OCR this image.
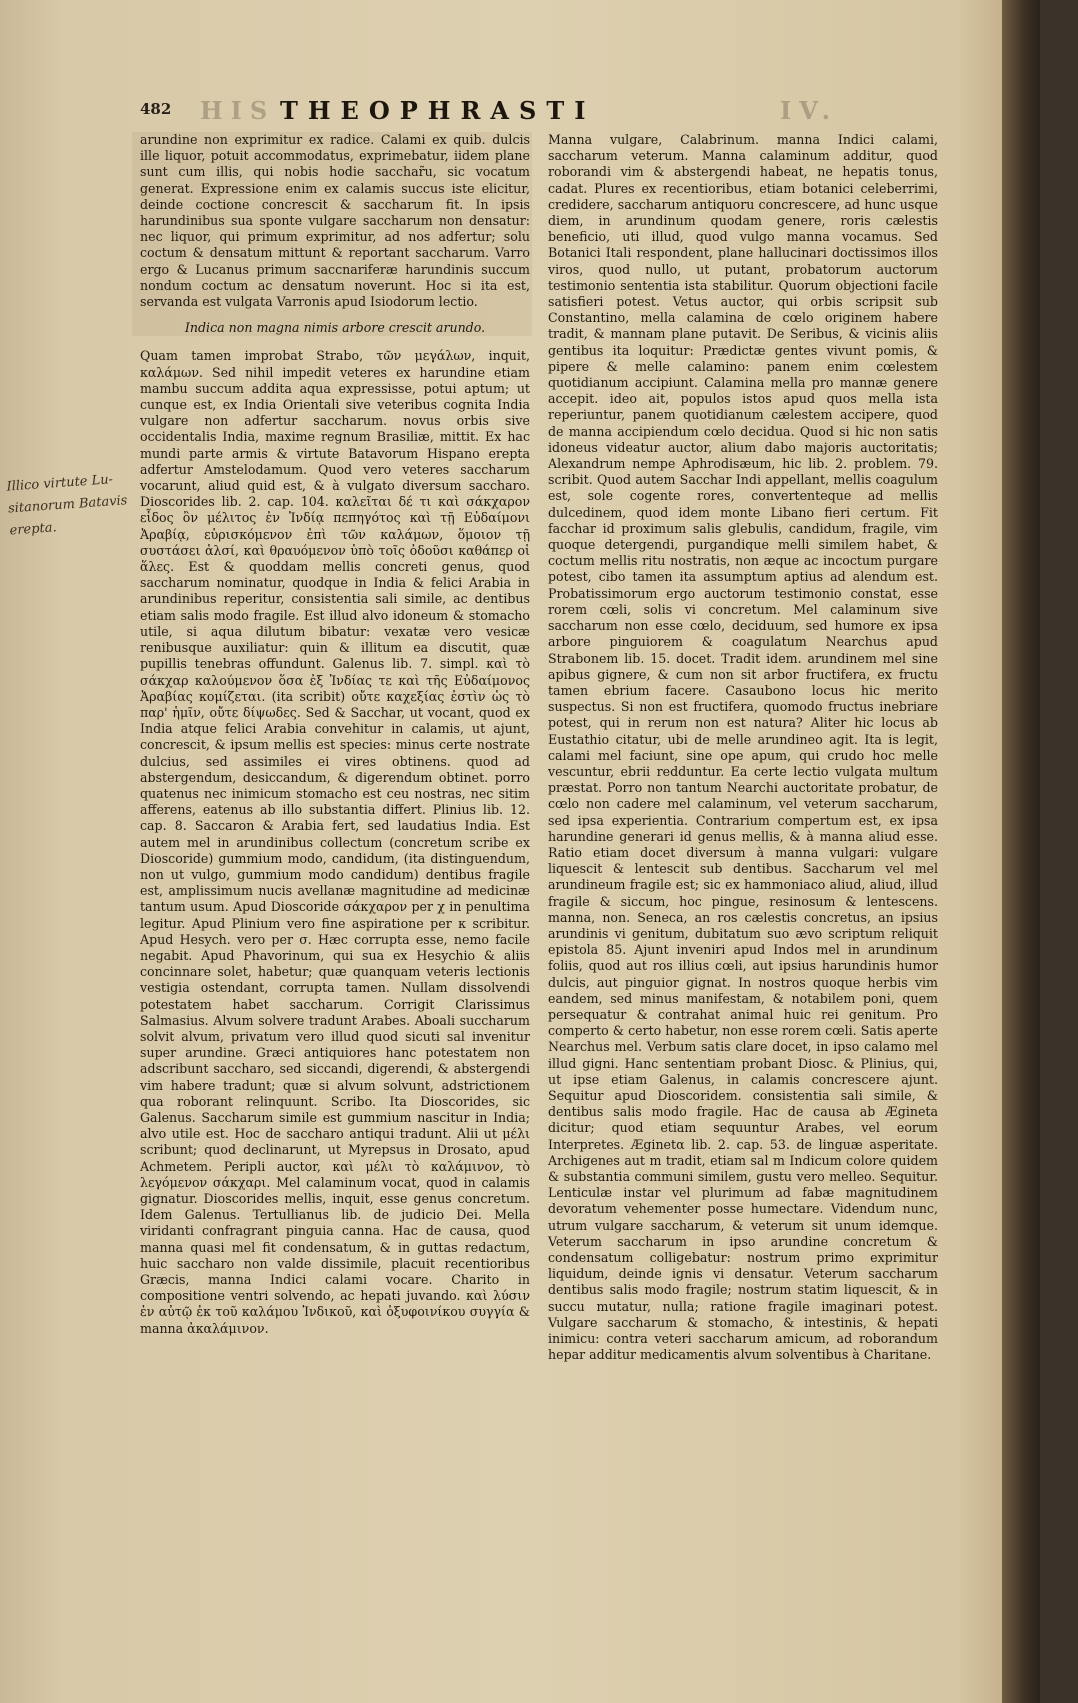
482 HIS THEOPHRASTI	IV.
Illico virtute Lu-
sitanorum Batavis
erepta.

arundine non exprimitur ex radice. Calami ex quib. dulcis ille liquor, potuit accommodatus, exprimebatur, iidem plane sunt cum illis, qui nobis hodie sacchar̃u, sic vocatum generat. Expressione enim ex calamis succus iste elicitur, deinde coctione concrescit & saccharum fit. In ipsis harundinibus sua sponte vulgare saccharum non densatur: nec liquor, qui primum exprimitur, ad nos adfertur; solu coctum & densatum mittunt & reportant saccharum. Varro ergo & Lucanus primum saccnariferæ harundinis succum nondum coctum ac densatum noverunt. Hoc si ita est, servanda est vulgata Varronis apud Isiodorum lectio.

Indica non magna nimis arbore crescit arundo.

Quam tamen improbat Strabo, τῶν μεγάλων, inquit, καλάμων. Sed nihil impedit veteres ex harundine etiam mambu succum addita aqua expressisse, potui aptum; ut cunque est, ex India Orientali sive veteribus cognita India vulgare non adfertur saccharum. novus orbis sive occidentalis India, maxime regnum Brasiliæ, mittit. Ex hac mundi parte armis & virtute Batavorum Hispano erepta adfertur Amstelodamum. Quod vero veteres saccharum vocarunt, aliud quid est, & à vulgato diversum saccharo. Dioscorides lib. 2. cap. 104. καλεῖται δέ τι καὶ σάκχαρον εἶδος ὂν μέλιτος ἐν Ἰνδίᾳ πεπηγότος καὶ τῇ Εὐδαίμονι Ἀραβίᾳ, εὑρισκόμενον ἐπὶ τῶν καλάμων, ὅμοιον τῇ συστάσει ἁλσί, καὶ θραυόμενον ὑπὸ τοῖς ὀδοῦσι καθάπερ οἱ ἅλες. Est & quoddam mellis concreti genus, quod saccharum nominatur, quodque in India & felici Arabia in arundinibus reperitur, consistentia sali simile, ac dentibus etiam salis modo fragile. Est illud alvo idoneum & stomacho utile, si aqua dilutum bibatur: vexatæ vero vesicæ renibusque auxiliatur: quin & illitum ea discutit, quæ pupillis tenebras offundunt. Galenus lib. 7. simpl. καὶ τὸ σάκχαρ καλούμενον ὅσα ἐξ Ἰνδίας τε καὶ τῆς Εὐδαίμονος Ἀραβίας κομίζεται. (ita scribit) οὔτε καχεξίας ἐστὶν ὡς τὸ παρ' ἡμῖν, οὔτε δίψωδες. Sed & Sacchar, ut vocant, quod ex India atque felici Arabia convehitur in calamis, ut ajunt, concrescit, & ipsum mellis est species: minus certe nostrate dulcius, sed assimiles ei vires obtinens. quod ad abstergendum, desiccandum, & digerendum obtinet. porro quatenus nec inimicum stomacho est ceu nostras, nec sitim afferens, eatenus ab illo substantia differt. Plinius lib. 12. cap. 8. Saccaron & Arabia fert, sed laudatius India. Est autem mel in arundinibus collectum (concretum scribe ex Dioscoride) gummium modo, candidum, (ita distinguendum, non ut vulgo, gummium modo candidum) dentibus fragile est, amplissimum nucis avellanæ magnitudine ad medicinæ tantum usum. Apud Dioscoride σάκχαρον per χ in penultima legitur. Apud Plinium vero fine aspiratione per κ scribitur. Apud Hesych. vero per σ. Hæc corrupta esse, nemo facile negabit. Apud Phavorinum, qui sua ex Hesychio & aliis concinnare solet, habetur; quæ quanquam veteris lectionis vestigia ostendant, corrupta tamen. Nullam dissolvendi potestatem habet saccharum. Corrigit Clarissimus Salmasius. Alvum solvere tradunt Arabes. Aboali succharum solvit alvum, privatum vero illud quod sicuti sal invenitur super arundine. Græci antiquiores hanc potestatem non adscribunt saccharo, sed siccandi, digerendi, & abstergendi vim habere tradunt; quæ si alvum solvunt, adstrictionem qua roborant relinquunt. Scribo. Ita Dioscorides, sic Galenus. Saccharum simile est gummium nascitur in India; alvo utile est. Hoc de saccharo antiqui tradunt. Alii ut μέλι scribunt; quod declinarunt, ut Myrepsus in Drosato, apud Achmetem. Peripli auctor, καὶ μέλι τὸ καλάμινον, τὸ λεγόμενον σάκχαρι. Mel calaminum vocat, quod in calamis gignatur. Dioscorides mellis, inquit, esse genus concretum. Idem Galenus. Tertullianus lib. de judicio Dei. Mella viridanti confragrant pinguia canna. Hac de causa, quod manna quasi mel fit condensatum, & in guttas redactum, huic saccharo non valde dissimile, placuit recentioribus Græcis, manna Indici calami vocare. Charito in compositione ventri solvendo, ac hepati juvando. καὶ λύσιν ἐν αὐτῷ ἐκ τοῦ καλάμου Ἰνδικοῦ, καὶ ὀξυφοινίκου συγγία & manna ἀκαλάμινον.

Manna vulgare, Calabrinum. manna Indici calami, saccharum veterum. Manna calaminum additur, quod roborandi vim & abstergendi habeat, ne hepatis tonus, cadat. Plures ex recentioribus, etiam botanici celeberrimi, credidere, saccharum antiquoru concrescere, ad hunc usque diem, in arundinum quodam genere, roris cælestis beneficio, uti illud, quod vulgo manna vocamus. Sed Botanici Itali respondent, plane hallucinari doctissimos illos viros, quod nullo, ut putant, probatorum auctorum testimonio sententia ista stabilitur. Quorum objectioni facile satisfieri potest. Vetus auctor, qui orbis scripsit sub Constantino, mella calamina de cœlo originem habere tradit, & mannam plane putavit. De Seribus, & vicinis aliis gentibus ita loquitur: Prædictæ gentes vivunt pomis, & pipere & melle calamino: panem enim cœlestem quotidianum accipiunt. Calamina mella pro mannæ genere accepit. ideo ait, populos istos apud quos mella ista reperiuntur, panem quotidianum cælestem accipere, quod de manna accipiendum cœlo decidua. Quod si hic non satis idoneus videatur auctor, alium dabo majoris auctoritatis; Alexandrum nempe Aphrodisæum, hic lib. 2. problem. 79. scribit. Quod autem Sacchar Indi appellant, mellis coagulum est, sole cogente rores, convertenteque ad mellis dulcedinem, quod idem monte Libano fieri certum. Fit facchar id proximum salis glebulis, candidum, fragile, vim quoque detergendi, purgandique melli similem habet, & coctum mellis ritu nostratis, non æque ac incoctum purgare potest, cibo tamen ita assumptum aptius ad alendum est. Probatissimorum ergo auctorum testimonio constat, esse rorem cœli, solis vi concretum. Mel calaminum sive saccharum non esse cœlo, deciduum, sed humore ex ipsa arbore pinguiorem & coagulatum Nearchus apud Strabonem lib. 15. docet. Tradit idem. arundinem mel sine apibus gignere, & cum non sit arbor fructifera, ex fructu tamen ebrium facere. Casaubono locus hic merito suspectus. Si non est fructifera, quomodo fructus inebriare potest, qui in rerum non est natura? Aliter hic locus ab Eustathio citatur, ubi de melle arundineo agit. Ita is legit, calami mel faciunt, sine ope apum, qui crudo hoc melle vescuntur, ebrii redduntur. Ea certe lectio vulgata multum præstat. Porro non tantum Nearchi auctoritate probatur, de cœlo non cadere mel calaminum, vel veterum saccharum, sed ipsa experientia. Contrarium compertum est, ex ipsa harundine generari id genus mellis, & à manna aliud esse. Ratio etiam docet diversum à manna vulgari: vulgare liquescit & lentescit sub dentibus. Saccharum vel mel arundineum fragile est; sic ex hammoniaco aliud, aliud, illud fragile & siccum, hoc pingue, resinosum & lentescens. manna, non. Seneca, an ros cælestis concretus, an ipsius arundinis vi genitum, dubitatum suo ævo scriptum reliquit epistola 85. Ajunt inveniri apud Indos mel in arundinum foliis, quod aut ros illius cœli, aut ipsius harundinis humor dulcis, aut pinguior gignat. In nostros quoque herbis vim eandem, sed minus manifestam, & notabilem poni, quem persequatur & contrahat animal huic rei genitum. Pro comperto & certo habetur, non esse rorem cœli. Satis aperte Nearchus mel. Verbum satis clare docet, in ipso calamo mel illud gigni. Hanc sententiam probant Diosc. & Plinius, qui, ut ipse etiam Galenus, in calamis concrescere ajunt. Sequitur apud Dioscoridem. consistentia sali simile, & dentibus salis modo fragile. Hac de causa ab Ægineta dicitur; quod etiam sequuntur Arabes, vel eorum Interpretes. Æginetα lib. 2. cap. 53. de linguæ asperitate. Archigenes aut m tradit, etiam sal m Indicum colore quidem & substantia communi similem, gustu vero melleo. Sequitur. Lenticulæ instar vel plurimum ad fabæ magnitudinem devoratum vehementer posse humectare. Videndum nunc, utrum vulgare saccharum, & veterum sit unum idemque. Veterum saccharum in ipso arundine concretum & condensatum colligebatur: nostrum primo exprimitur liquidum, deinde ignis vi densatur. Veterum saccharum dentibus salis modo fragile; nostrum statim liquescit, & in succu mutatur, nulla; ratione fragile imaginari potest. Vulgare saccharum & stomacho, & intestinis, & hepati inimicu: contra veteri saccharum amicum, ad roborandum hepar additur medicamentis alvum solventibus à Charitane.
